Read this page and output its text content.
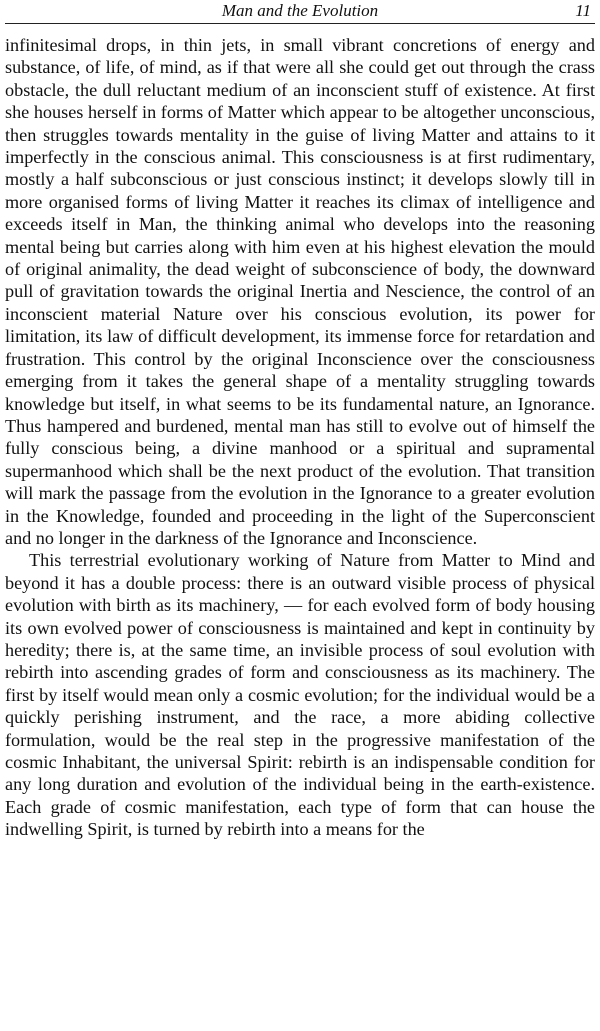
Man and the Evolution	11

infinitesimal drops, in thin jets, in small vibrant concretions of energy and substance, of life, of mind, as if that were all she could get out through the crass obstacle, the dull reluctant medium of an inconscient stuff of existence. At first she houses herself in forms of Matter which appear to be altogether unconscious, then struggles towards mentality in the guise of living Matter and attains to it imperfectly in the conscious animal. This consciousness is at first rudimentary, mostly a half subconscious or just conscious instinct; it develops slowly till in more organised forms of living Matter it reaches its climax of intelligence and exceeds itself in Man, the thinking animal who develops into the reasoning mental being but carries along with him even at his highest elevation the mould of original animality, the dead weight of subconscience of body, the downward pull of gravitation towards the original Inertia and Nescience, the control of an inconscient material Nature over his conscious evolution, its power for limitation, its law of difficult development, its immense force for retardation and frustration. This control by the original Inconscience over the consciousness emerging from it takes the general shape of a mentality struggling towards knowledge but itself, in what seems to be its fundamental nature, an Ignorance. Thus hampered and burdened, mental man has still to evolve out of himself the fully conscious being, a divine manhood or a spiritual and supramental supermanhood which shall be the next product of the evolution. That transition will mark the passage from the evolution in the Ignorance to a greater evolution in the Knowledge, founded and proceeding in the light of the Superconscient and no longer in the darkness of the Ignorance and Inconscience.

This terrestrial evolutionary working of Nature from Matter to Mind and beyond it has a double process: there is an outward visible process of physical evolution with birth as its machinery, — for each evolved form of body housing its own evolved power of consciousness is maintained and kept in continuity by heredity; there is, at the same time, an invisible process of soul evolution with rebirth into ascending grades of form and consciousness as its machinery. The first by itself would mean only a cosmic evolution; for the individual would be a quickly perishing instrument, and the race, a more abiding collective formulation, would be the real step in the progressive manifestation of the cosmic Inhabitant, the universal Spirit: rebirth is an indispensable condition for any long duration and evolution of the individual being in the earth-existence. Each grade of cosmic manifestation, each type of form that can house the indwelling Spirit, is turned by rebirth into a means for the
